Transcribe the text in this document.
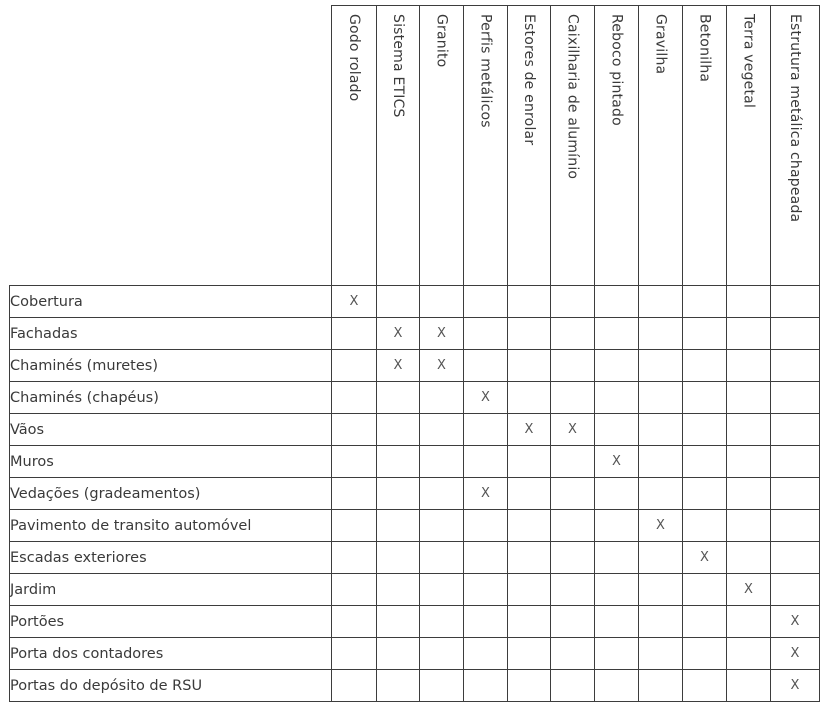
	Godo rolado	Sistema ETICS	Granito	Perfis metálicos	Estores de enrolar	Caixilharia de alumínio	Reboco pintado	Gravilha	Betonilha	Terra vegetal	Estrutura metálica chapeada

Cobertura	X										
Fachadas		X	X								
Chaminés (muretes)		X	X								
Chaminés (chapéus)				X							
Vãos					X	X					
Muros							X				
Vedações (gradeamentos)				X							
Pavimento de transito automóvel								X			
Escadas exteriores									X		
Jardim										X	
Portões											X
Porta dos contadores											X
Portas do depósito de RSU											X
